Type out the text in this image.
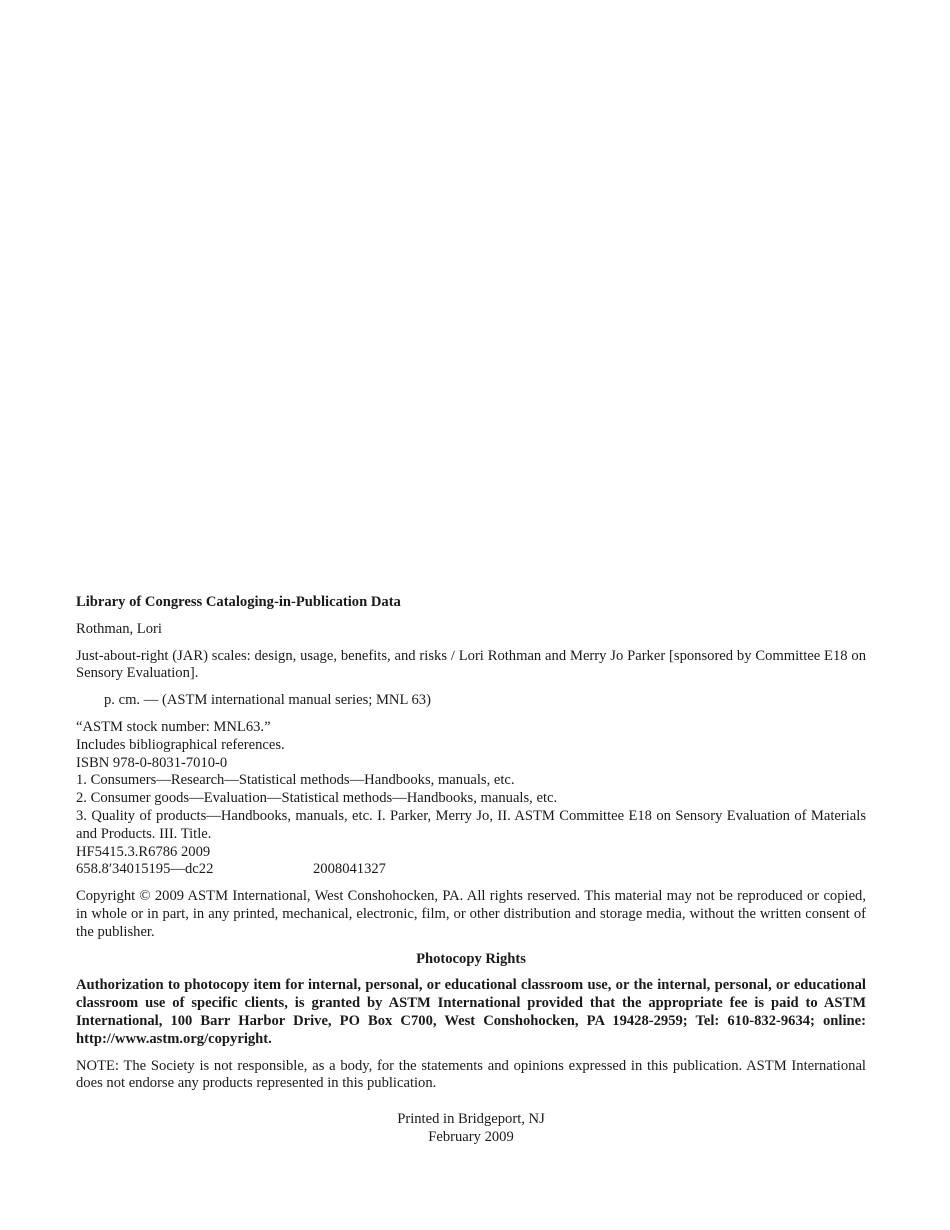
Library of Congress Cataloging-in-Publication Data

Rothman, Lori

Just-about-right (JAR) scales: design, usage, benefits, and risks / Lori Rothman and Merry Jo Parker [sponsored by Committee E18 on Sensory Evaluation].

p. cm. — (ASTM international manual series; MNL 63)

“ASTM stock number: MNL63.”
Includes bibliographical references.
ISBN 978-0-8031-7010-0
1. Consumers—Research—Statistical methods—Handbooks, manuals, etc.
2. Consumer goods—Evaluation—Statistical methods—Handbooks, manuals, etc.
3. Quality of products—Handbooks, manuals, etc. I. Parker, Merry Jo, II. ASTM Committee E18 on Sensory Evaluation of Materials and Products. III. Title.
HF5415.3.R6786 2009
658.8′34015195—dc22	2008041327

Copyright © 2009 ASTM International, West Conshohocken, PA. All rights reserved. This material may not be reproduced or copied, in whole or in part, in any printed, mechanical, electronic, film, or other distribution and storage media, without the written consent of the publisher.

Photocopy Rights

Authorization to photocopy item for internal, personal, or educational classroom use, or the internal, personal, or educational classroom use of specific clients, is granted by ASTM International provided that the appropriate fee is paid to ASTM International, 100 Barr Harbor Drive, PO Box C700, West Conshohocken, PA 19428-2959; Tel: 610-832-9634; online: http://www.astm.org/copyright.

NOTE: The Society is not responsible, as a body, for the statements and opinions expressed in this publication. ASTM International does not endorse any products represented in this publication.

Printed in Bridgeport, NJ
February 2009
